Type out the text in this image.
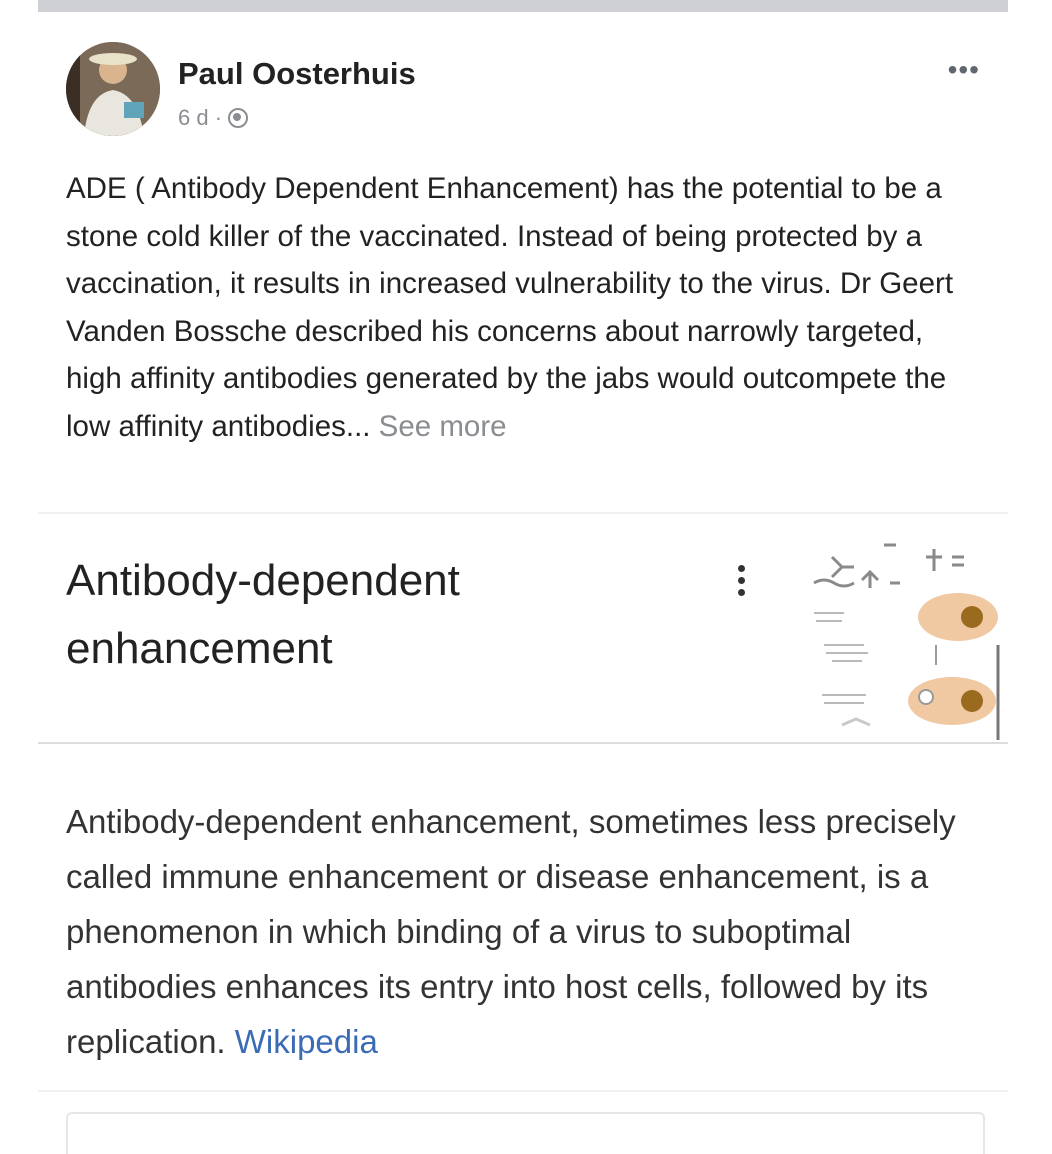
Paul Oosterhuis
6 d ·
•••
ADE ( Antibody Dependent Enhancement) has the potential to be a stone cold killer of the vaccinated. Instead of being protected by a vaccination, it results in increased vulnerability to the virus. Dr Geert Vanden Bossche described his concerns about narrowly targeted, high affinity antibodies generated by the jabs would outcompete the low affinity antibodies... See more
Antibody-dependent enhancement
Antibody-dependent enhancement, sometimes less precisely called immune enhancement or disease enhancement, is a phenomenon in which binding of a virus to suboptimal antibodies enhances its entry into host cells, followed by its replication. Wikipedia
